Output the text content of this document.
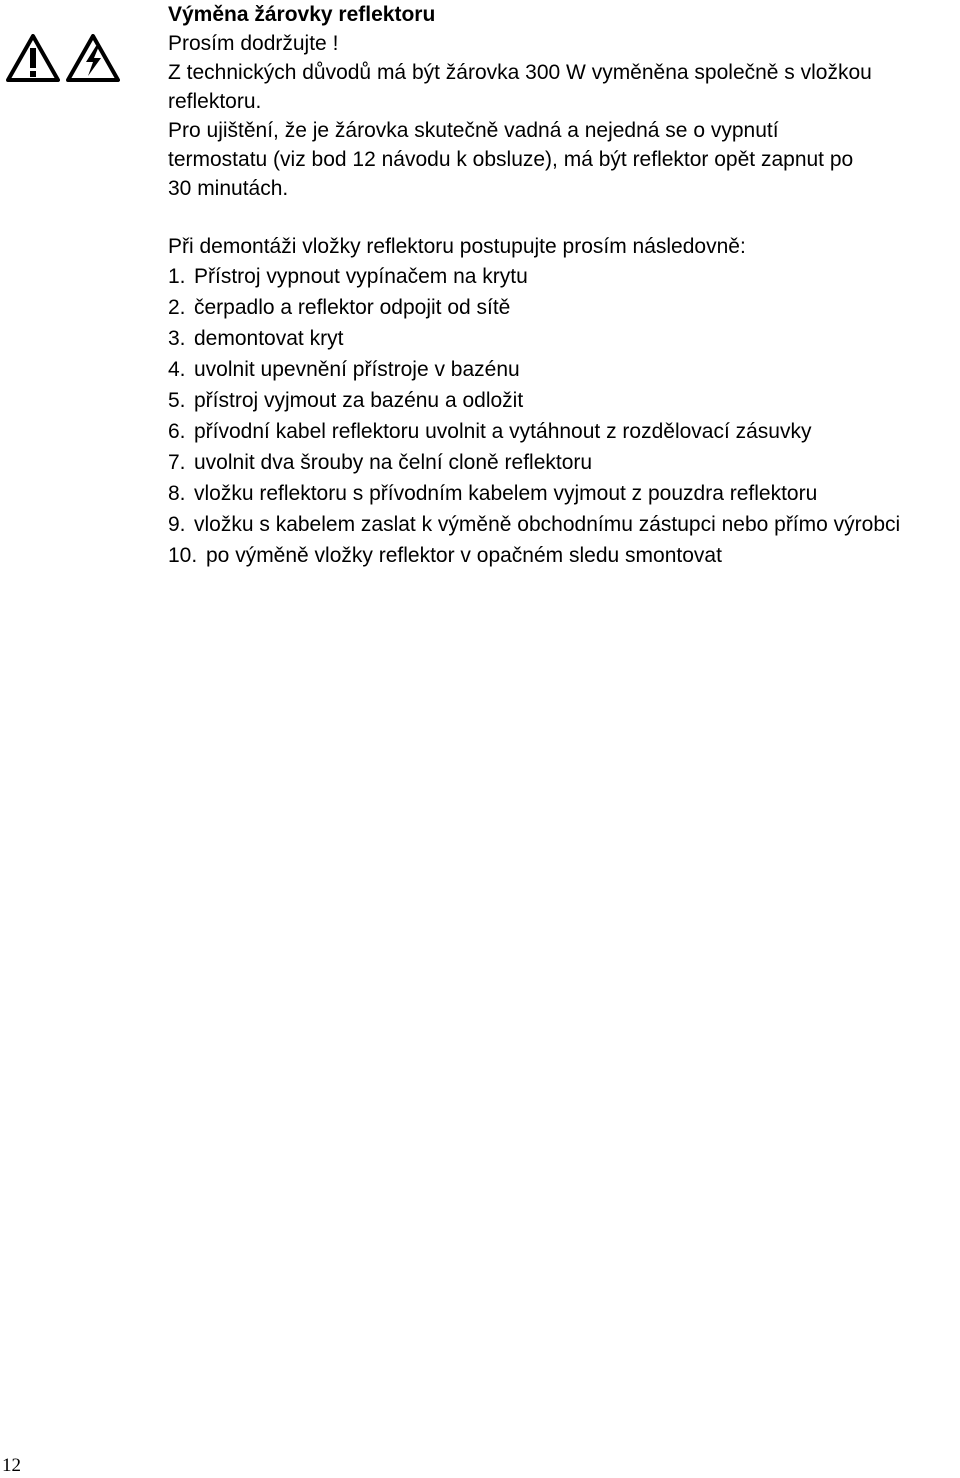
Výměna žárovky reflektoru

Prosím dodržujte !

Z technických důvodů má být žárovka 300 W vyměněna společně s vložkou

reflektoru.

Pro ujištění, že je žárovka skutečně vadná a nejedná se o vypnutí

termostatu (viz bod 12 návodu k obsluze), má být reflektor opět zapnut po

30 minutách.

Při demontáži vložky reflektoru postupujte prosím následovně:

1. Přístroj vypnout vypínačem na krytu
2. čerpadlo a reflektor odpojit od sítě
3. demontovat kryt
4. uvolnit upevnění přístroje v bazénu
5. přístroj vyjmout za bazénu a odložit
6. přívodní kabel reflektoru uvolnit a vytáhnout z rozdělovací zásuvky
7. uvolnit dva šrouby na čelní cloně reflektoru
8. vložku reflektoru s přívodním kabelem vyjmout z pouzdra reflektoru
9. vložku s kabelem zaslat k výměně obchodnímu zástupci nebo přímo výrobci
10. po výměně vložky reflektor v opačném sledu smontovat
12
